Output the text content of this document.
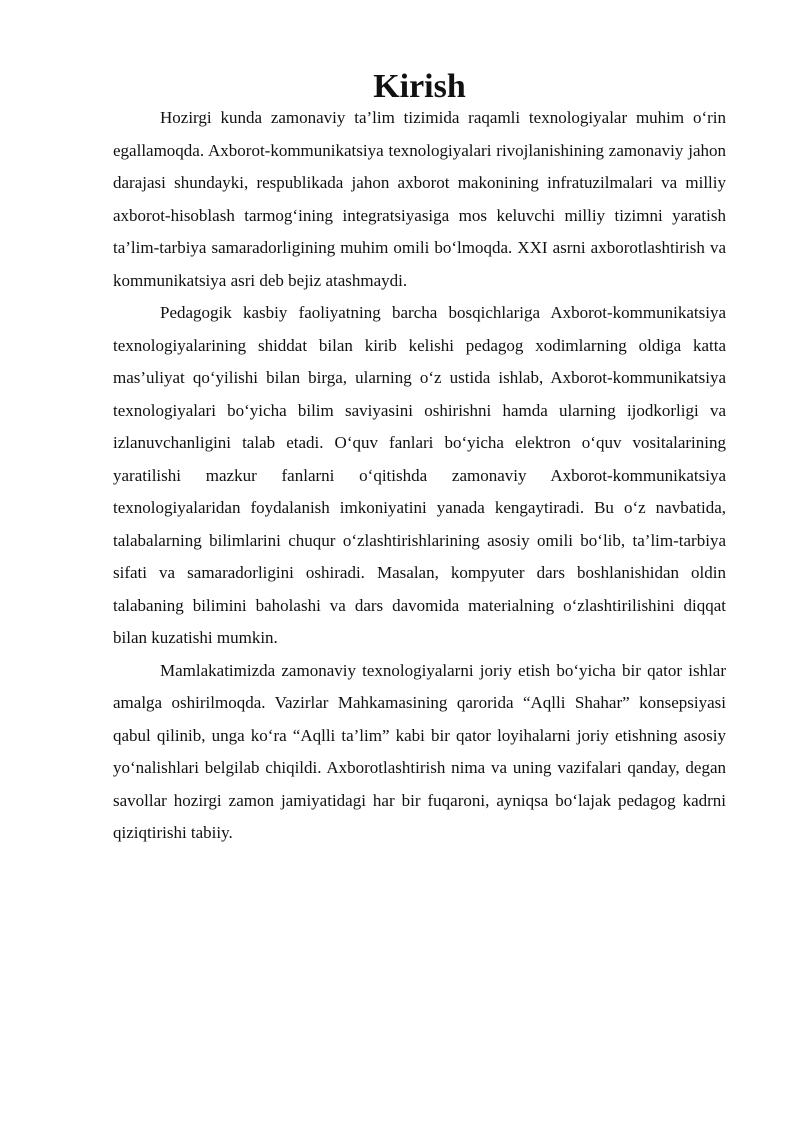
Kirish

Hozirgi kunda zamonaviy ta’lim tizimida raqamli texnologiyalar muhim o‘rin egallamoqda. Axborot-kommunikatsiya texnologiyalari rivojlanishining zamonaviy jahon darajasi shundayki, respublikada jahon axborot makonining infratuzilmalari va milliy axborot-hisoblash tarmog‘ining integratsiyasiga mos keluvchi milliy tizimni yaratish ta’lim-tarbiya samaradorligining muhim omili bo‘lmoqda. XXI asrni axborotlashtirish va kommunikatsiya asri deb bejiz atashmaydi.

Pedagogik kasbiy faoliyatning barcha bosqichlariga Axborot-kommunikatsiya texnologiyalarining shiddat bilan kirib kelishi pedagog xodimlarning oldiga katta mas’uliyat qo‘yilishi bilan birga, ularning o‘z ustida ishlab, Axborot-kommunikatsiya texnologiyalari bo‘yicha bilim saviyasini oshirishni hamda ularning ijodkorligi va izlanuvchanligini talab etadi. O‘quv fanlari bo‘yicha elektron o‘quv vositalarining yaratilishi mazkur fanlarni o‘qitishda zamonaviy Axborot-kommunikatsiya texnologiyalaridan foydalanish imkoniyatini yanada kengaytiradi. Bu o‘z navbatida, talabalarning bilimlarini chuqur o‘zlashtirishlarining asosiy omili bo‘lib, ta’lim-tarbiya sifati va samaradorligini oshiradi. Masalan, kompyuter dars boshlanishidan oldin talabaning bilimini baholashi va dars davomida materialning o‘zlashtirilishini diqqat bilan kuzatishi mumkin.

Mamlakatimizda zamonaviy texnologiyalarni joriy etish bo‘yicha bir qator ishlar amalga oshirilmoqda. Vazirlar Mahkamasining qarorida “Aqlli Shahar” konsepsiyasi qabul qilinib, unga ko‘ra “Aqlli ta’lim” kabi bir qator loyihalarni joriy etishning asosiy yo‘nalishlari belgilab chiqildi. Axborotlashtirish nima va uning vazifalari qanday, degan savollar hozirgi zamon jamiyatidagi har bir fuqaroni, ayniqsa bo‘lajak pedagog kadrni qiziqtirishi tabiiy.
